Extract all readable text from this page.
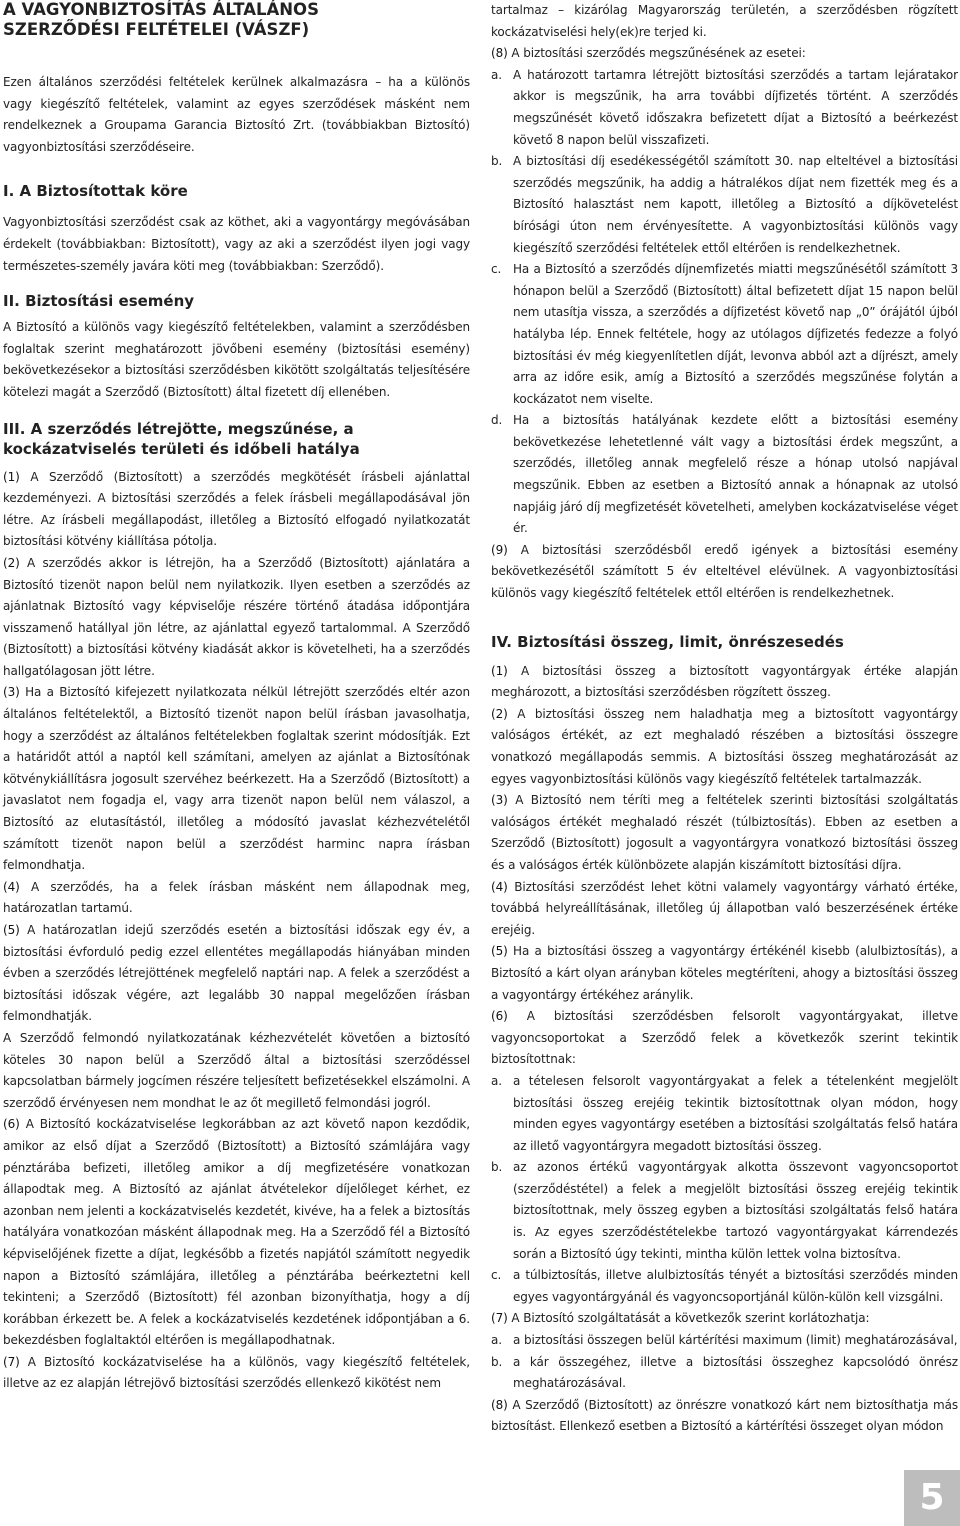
A VAGYONBIZTOSÍTÁS ÁLTALÁNOS
SZERZŐDÉSI FELTÉTELEI (VÁSZF)

Ezen általános szerződési feltételek kerülnek alkalmazásra – ha a különös vagy kiegészítő feltételek, valamint az egyes szerződések másként nem rendelkeznek a Groupama Garancia Biztosító Zrt. (továbbiakban Biztosító) vagyonbiztosítási szerződéseire.

I. A Biztosítottak köre

Vagyonbiztosítási szerződést csak az köthet, aki a vagyontárgy megóvásában érdekelt (továbbiakban: Biztosított), vagy az aki a szerződést ilyen jogi vagy természetes-személy javára köti meg (továbbiakban: Szerződő).

II. Biztosítási esemény

A Biztosító a különös vagy kiegészítő feltételekben, valamint a szerződésben foglaltak szerint meghatározott jövőbeni esemény (biztosítási esemény) bekövetkezésekor a biztosítási szerződésben kikötött szolgáltatás teljesítésére kötelezi magát a Szerződő (Biztosított) által fizetett díj ellenében.

III. A szerződés létrejötte, megszűnése, a
kockázatviselés területi és időbeli hatálya

(1) A Szerződő (Biztosított) a szerződés megkötését írásbeli ajánlattal kezdeményezi. A biztosítási szerződés a felek írásbeli megállapodásával jön létre. Az írásbeli megállapodást, illetőleg a Biztosító elfogadó nyilatkozatát biztosítási kötvény kiállítása pótolja.

(2) A szerződés akkor is létrejön, ha a Szerződő (Biztosított) ajánlatára a Biztosító tizenöt napon belül nem nyilatkozik. Ilyen esetben a szerződés az ajánlatnak Biztosító vagy képviselője részére történő átadása időpontjára visszamenő hatállyal jön létre, az ajánlattal egyező tartalommal. A Szerződő (Biztosított) a biztosítási kötvény kiadását akkor is követelheti, ha a szerződés hallgatólagosan jött létre.

(3) Ha a Biztosító kifejezett nyilatkozata nélkül létrejött szerződés eltér azon általános feltételektől, a Biztosító tizenöt napon belül írásban javasolhatja, hogy a szerződést az általános feltételekben foglaltak szerint módosítják. Ezt a határidőt attól a naptól kell számítani, amelyen az ajánlat a Biztosítónak kötvénykiállításra jogosult szervéhez beérkezett. Ha a Szerződő (Biztosított) a javaslatot nem fogadja el, vagy arra tizenöt napon belül nem válaszol, a Biztosító az elutasítástól, illetőleg a módosító javaslat kézhezvételétől számított tizenöt napon belül a szerződést harminc napra írásban felmondhatja.

(4) A szerződés, ha a felek írásban másként nem állapodnak meg, határozatlan tartamú.

(5) A határozatlan idejű szerződés esetén a biztosítási időszak egy év, a biztosítási évforduló pedig ezzel ellentétes megállapodás hiányában minden évben a szerződés létrejöttének megfelelő naptári nap. A felek a szerződést a biztosítási időszak végére, azt legalább 30 nappal megelőzően írásban felmondhatják.

A Szerződő felmondó nyilatkozatának kézhezvételét követően a biztosító köteles 30 napon belül a Szerződő által a biztosítási szerződéssel kapcsolatban bármely jogcímen részére teljesített befizetésekkel elszámolni. A szerződő érvényesen nem mondhat le az őt megillető felmondási jogról.

(6) A Biztosító kockázatviselése legkorábban az azt követő napon kezdődik, amikor az első díjat a Szerződő (Biztosított) a Biztosító számlájára vagy pénztárába befizeti, illetőleg amikor a díj megfizetésére vonatkozan állapodtak meg. A Biztosító az ajánlat átvételekor díjelőleget kérhet, ez azonban nem jelenti a kockázatviselés kezdetét, kivéve, ha a felek a biztosítás hatályára vonatkozóan másként állapodnak meg. Ha a Szerződő fél a Biztosító képviselőjének fizette a díjat, legkésőbb a fizetés napjától számított negyedik napon a Biztosító számlájára, illetőleg a pénztárába beérkeztetni kell tekinteni; a Szerződő (Biztosított) fél azonban bizonyíthatja, hogy a díj korábban érkezett be. A felek a kockázatviselés kezdetének időpontjában a 6. bekezdésben foglaltaktól eltérően is megállapodhatnak.

(7) A Biztosító kockázatviselése ha a különös, vagy kiegészítő feltételek, illetve az ez alapján létrejövő biztosítási szerződés ellenkező kikötést nem

tartalmaz – kizárólag Magyarország területén, a szerződésben rögzített kockázatviselési hely(ek)re terjed ki.

(8) A biztosítási szerződés megszűnésének az esetei:

a. A határozott tartamra létrejött biztosítási szerződés a tartam lejáratakor akkor is megszűnik, ha arra további díjfizetés történt. A szerződés megszűnését követő időszakra befizetett díjat a Biztosító a beérkezést követő 8 napon belül visszafizeti.
b. A biztosítási díj esedékességétől számított 30. nap elteltével a biztosítási szerződés megszűnik, ha addig a hátralékos díjat nem fizették meg és a Biztosító halasztást nem kapott, illetőleg a Biztosító a díjkövetelést bírósági úton nem érvényesítette. A vagyonbiztosítási különös vagy kiegészítő szerződési feltételek ettől eltérően is rendelkezhetnek.
c. Ha a Biztosító a szerződés díjnemfizetés miatti megszűnésétől számított 3 hónapon belül a Szerződő (Biztosított) által befizetett díjat 15 napon belül nem utasítja vissza, a szerződés a díjfizetést követő nap „0” órájától újból hatályba lép. Ennek feltétele, hogy az utólagos díjfizetés fedezze a folyó biztosítási év még kiegyenlítetlen díját, levonva abból azt a díjrészt, amely arra az időre esik, amíg a Biztosító a szerződés megszűnése folytán a kockázatot nem viselte.
d. Ha a biztosítás hatályának kezdete előtt a biztosítási esemény bekövetkezése lehetetlenné vált vagy a biztosítási érdek megszűnt, a szerződés, illetőleg annak megfelelő része a hónap utolsó napjával megszűnik. Ebben az esetben a Biztosító annak a hónapnak az utolsó napjáig járó díj megfizetését követelheti, amelyben kockázatviselése véget ér.

(9) A biztosítási szerződésből eredő igények a biztosítási esemény bekövetkezésétől számított 5 év elteltével elévülnek. A vagyonbiztosítási különös vagy kiegészítő feltételek ettől eltérően is rendelkezhetnek.

IV. Biztosítási összeg, limit, önrészesedés

(1) A biztosítási összeg a biztosított vagyontárgyak értéke alapján meghározott, a biztosítási szerződésben rögzített összeg.

(2) A biztosítási összeg nem haladhatja meg a biztosított vagyontárgy valóságos értékét, az ezt meghaladó részében a biztosítási összegre vonatkozó megállapodás semmis. A biztosítási összeg meghatározását az egyes vagyonbiztosítási különös vagy kiegészítő feltételek tartalmazzák.

(3) A Biztosító nem téríti meg a feltételek szerinti biztosítási szolgáltatás valóságos értékét meghaladó részét (túlbiztosítás). Ebben az esetben a Szerződő (Biztosított) jogosult a vagyontárgyra vonatkozó biztosítási összeg és a valóságos érték különbözete alapján kiszámított biztosítási díjra.

(4) Biztosítási szerződést lehet kötni valamely vagyontárgy várható értéke, továbbá helyreállításának, illetőleg új állapotban való beszerzésének értéke erejéig.

(5) Ha a biztosítási összeg a vagyontárgy értékénél kisebb (alulbiztosítás), a Biztosító a kárt olyan arányban köteles megtéríteni, ahogy a biztosítási összeg a vagyontárgy értékéhez aránylik.

(6) A biztosítási szerződésben felsorolt vagyontárgyakat, illetve vagyoncsoportokat a Szerződő felek a következők szerint tekintik biztosítottnak:

a. a tételesen felsorolt vagyontárgyakat a felek a tételenként megjelölt biztosítási összeg erejéig tekintik biztosítottnak olyan módon, hogy minden egyes vagyontárgy esetében a biztosítási szolgáltatás felső határa az illető vagyontárgyra megadott biztosítási összeg.
b. az azonos értékű vagyontárgyak alkotta összevont vagyoncsoportot (szerződéstétel) a felek a megjelölt biztosítási összeg erejéig tekintik biztosítottnak, mely összeg egyben a biztosítási szolgáltatás felső határa is. Az egyes szerződéstételekbe tartozó vagyontárgyakat kárrendezés során a Biztosító úgy tekinti, mintha külön lettek volna biztosítva.
c. a túlbiztosítás, illetve alulbiztosítás tényét a biztosítási szerződés minden egyes vagyontárgyánál és vagyoncsoportjánál külön-külön kell vizsgálni.

(7) A Biztosító szolgáltatását a következők szerint korlátozhatja:

a. a biztosítási összegen belül kártérítési maximum (limit) meghatározásával,
b. a kár összegéhez, illetve a biztosítási összeghez kapcsolódó önrész meghatározásával.

(8) A Szerződő (Biztosított) az önrészre vonatkozó kárt nem biztosíthatja más biztosítást. Ellenkező esetben a Biztosító a kártérítési összeget olyan módon

5
